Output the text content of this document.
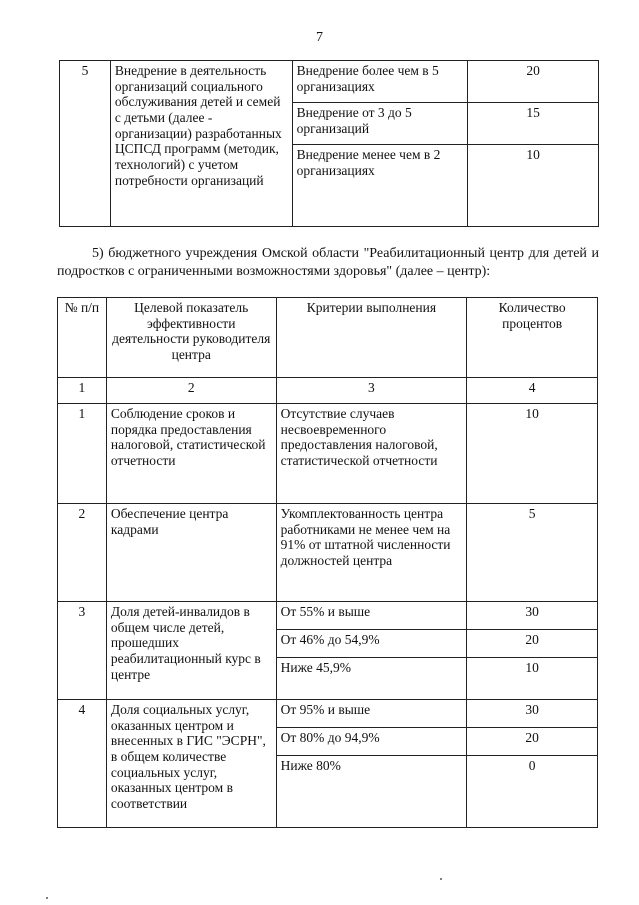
7
5	Внедрение в деятельность организаций социального обслуживания детей и семей с детьми (далее - организации) разработанных ЦСПСД программ (методик, технологий) с учетом потребности организаций	Внедрение более чем в 5 организациях	20
		Внедрение от 3 до 5 организаций	15
		Внедрение менее чем в 2 организациях	10
5) бюджетного учреждения Омской области "Реабилитационный центр для детей и подростков с ограниченными возможностями здоровья" (далее – центр):
№ п/п	Целевой показатель эффективности деятельности руководителя центра	Критерии выполнения	Количество процентов
1	2	3	4
1	Соблюдение сроков и порядка предоставления налоговой, статистической отчетности	Отсутствие случаев несвоевременного предоставления налоговой, статистической отчетности	10
2	Обеспечение центра кадрами	Укомплектованность центра работниками не менее чем на 91% от штатной численности должностей центра	5
3	Доля детей-инвалидов в общем числе детей, прошедших реабилитационный курс в центре	От 55% и выше	30
		От 46% до 54,9%	20
		Ниже 45,9%	10
4	Доля социальных услуг, оказанных центром и внесенных в ГИС "ЭСРН", в общем количестве социальных услуг, оказанных центром в соответствии	От 95% и выше	30
		От 80% до 94,9%	20
		Ниже 80%	0
